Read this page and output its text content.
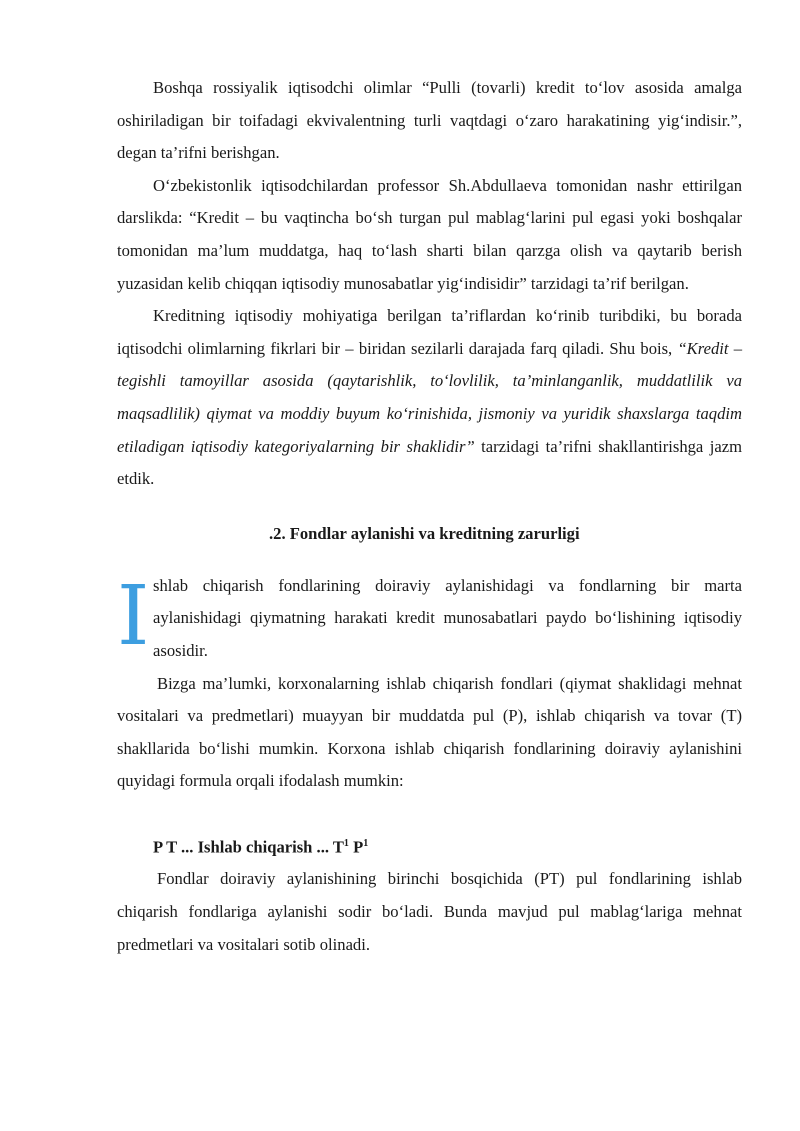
Boshqa rossiyalik iqtisodchi olimlar “Pulli (tovarli) kredit to‘lov asosida amalga oshiriladigan bir toifadagi ekvivalentning turli vaqtdagi o‘zaro harakatining yig‘indisir.”, degan ta’rifni berishgan.

O‘zbekistonlik iqtisodchilardan professor Sh.Abdullaeva tomonidan nashr ettirilgan darslikda: “Kredit – bu vaqtincha bo‘sh turgan pul mablag‘larini pul egasi yoki boshqalar tomonidan ma’lum muddatga, haq to‘lash sharti bilan qarzga olish va qaytarib berish yuzasidan kelib chiqqan iqtisodiy munosabatlar yig‘indisidir” tarzidagi ta’rif berilgan.

Kreditning iqtisodiy mohiyatiga berilgan ta’riflardan ko‘rinib turibdiki, bu borada iqtisodchi olimlarning fikrlari bir – biridan sezilarli darajada farq qiladi. Shu bois, “Kredit – tegishli tamoyillar asosida (qaytarishlik, to‘lovlilik, ta’minlanganlik, muddatlilik va maqsadlilik) qiymat va moddiy buyum ko‘rinishida, jismoniy va yuridik shaxslarga taqdim etiladigan iqtisodiy kategoriyalarning bir shaklidir” tarzidagi ta’rifni shakllantirishga jazm etdik.

.2. Fondlar aylanishi va kreditning zarurligi
I shlab chiqarish fondlarining doiraviy aylanishidagi va fondlarning bir marta aylanishidagi qiymatning harakati kredit munosabatlari paydo bo‘lishining iqtisodiy asosidir.

Bizga ma’lumki, korxonalarning ishlab chiqarish fondlari (qiymat shaklidagi mehnat vositalari va predmetlari) muayyan bir muddatda pul (P), ishlab chiqarish va tovar (T) shakllarida bo‘lishi mumkin. Korxona ishlab chiqarish fondlarining doiraviy aylanishini quyidagi formula orqali ifodalash mumkin:

P T ... Ishlab chiqarish ... $T^1$ $P^1$

Fondlar doiraviy aylanishining birinchi bosqichida (PT) pul fondlarining ishlab chiqarish fondlariga aylanishi sodir bo‘ladi. Bunda mavjud pul mablag‘lariga mehnat predmetlari va vositalari sotib olinadi.
